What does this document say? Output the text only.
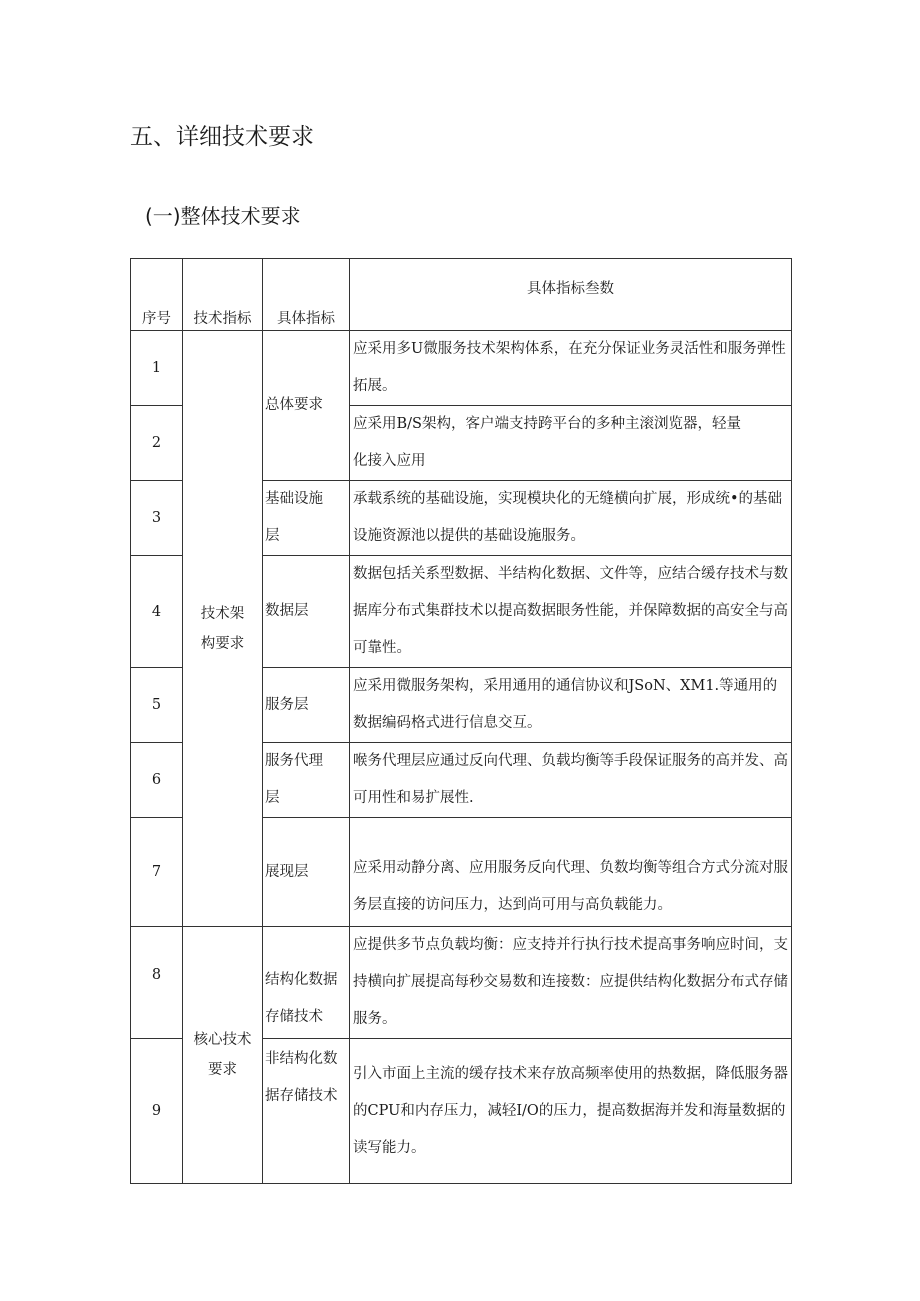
五、详细技术要求
(一)整体技术要求
序号	技术指标	具体指标	具体指标叁数
1	技术架构要求	总体要求	应采用多U微服务技术架构体系，在充分保证业务灵活性和服务弹性拓展。
2			应采用B/S架构，客户端支持跨平台的多种主滚浏览器，轻量化接入应用
3		基础设施层	承载系统的基础设施，实现模块化的无缝横向扩展，形成统•的基础设施资源池以提供的基础设施服务。
4		数据层	数据包括关系型数据、半结构化数据、文件等，应结合缓存技术与数据库分布式集群技术以提高数据眼务性能，并保障数据的高安全与高可靠性。
5		服务层	应采用微服务架构，采用通用的通信协议和JSoN、XM1.等通用的数据编码格式进行信息交互。
6		服务代理层	喉务代理层应通过反向代理、负载均衡等手段保证服务的高并发、高可用性和易扩展性.
7		展现层	应采用动静分离、应用服务反向代理、负数均衡等组合方式分流对服务层直接的访问压力，达到尚可用与高负载能力。
8	核心技术要求	结构化数据存储技术	应提供多节点负载均衡：应支持并行执行技术提高事务响应时间，支持横向扩展提高每秒交易数和连接数：应提供结构化数据分布式存储服务。
9		非结构化数据存储技术	引入市面上主流的缓存技术来存放高频率使用的热数据，降低服务器的CPU和内存压力，减轻I/O的压力，提高数据海并发和海量数据的读写能力。
